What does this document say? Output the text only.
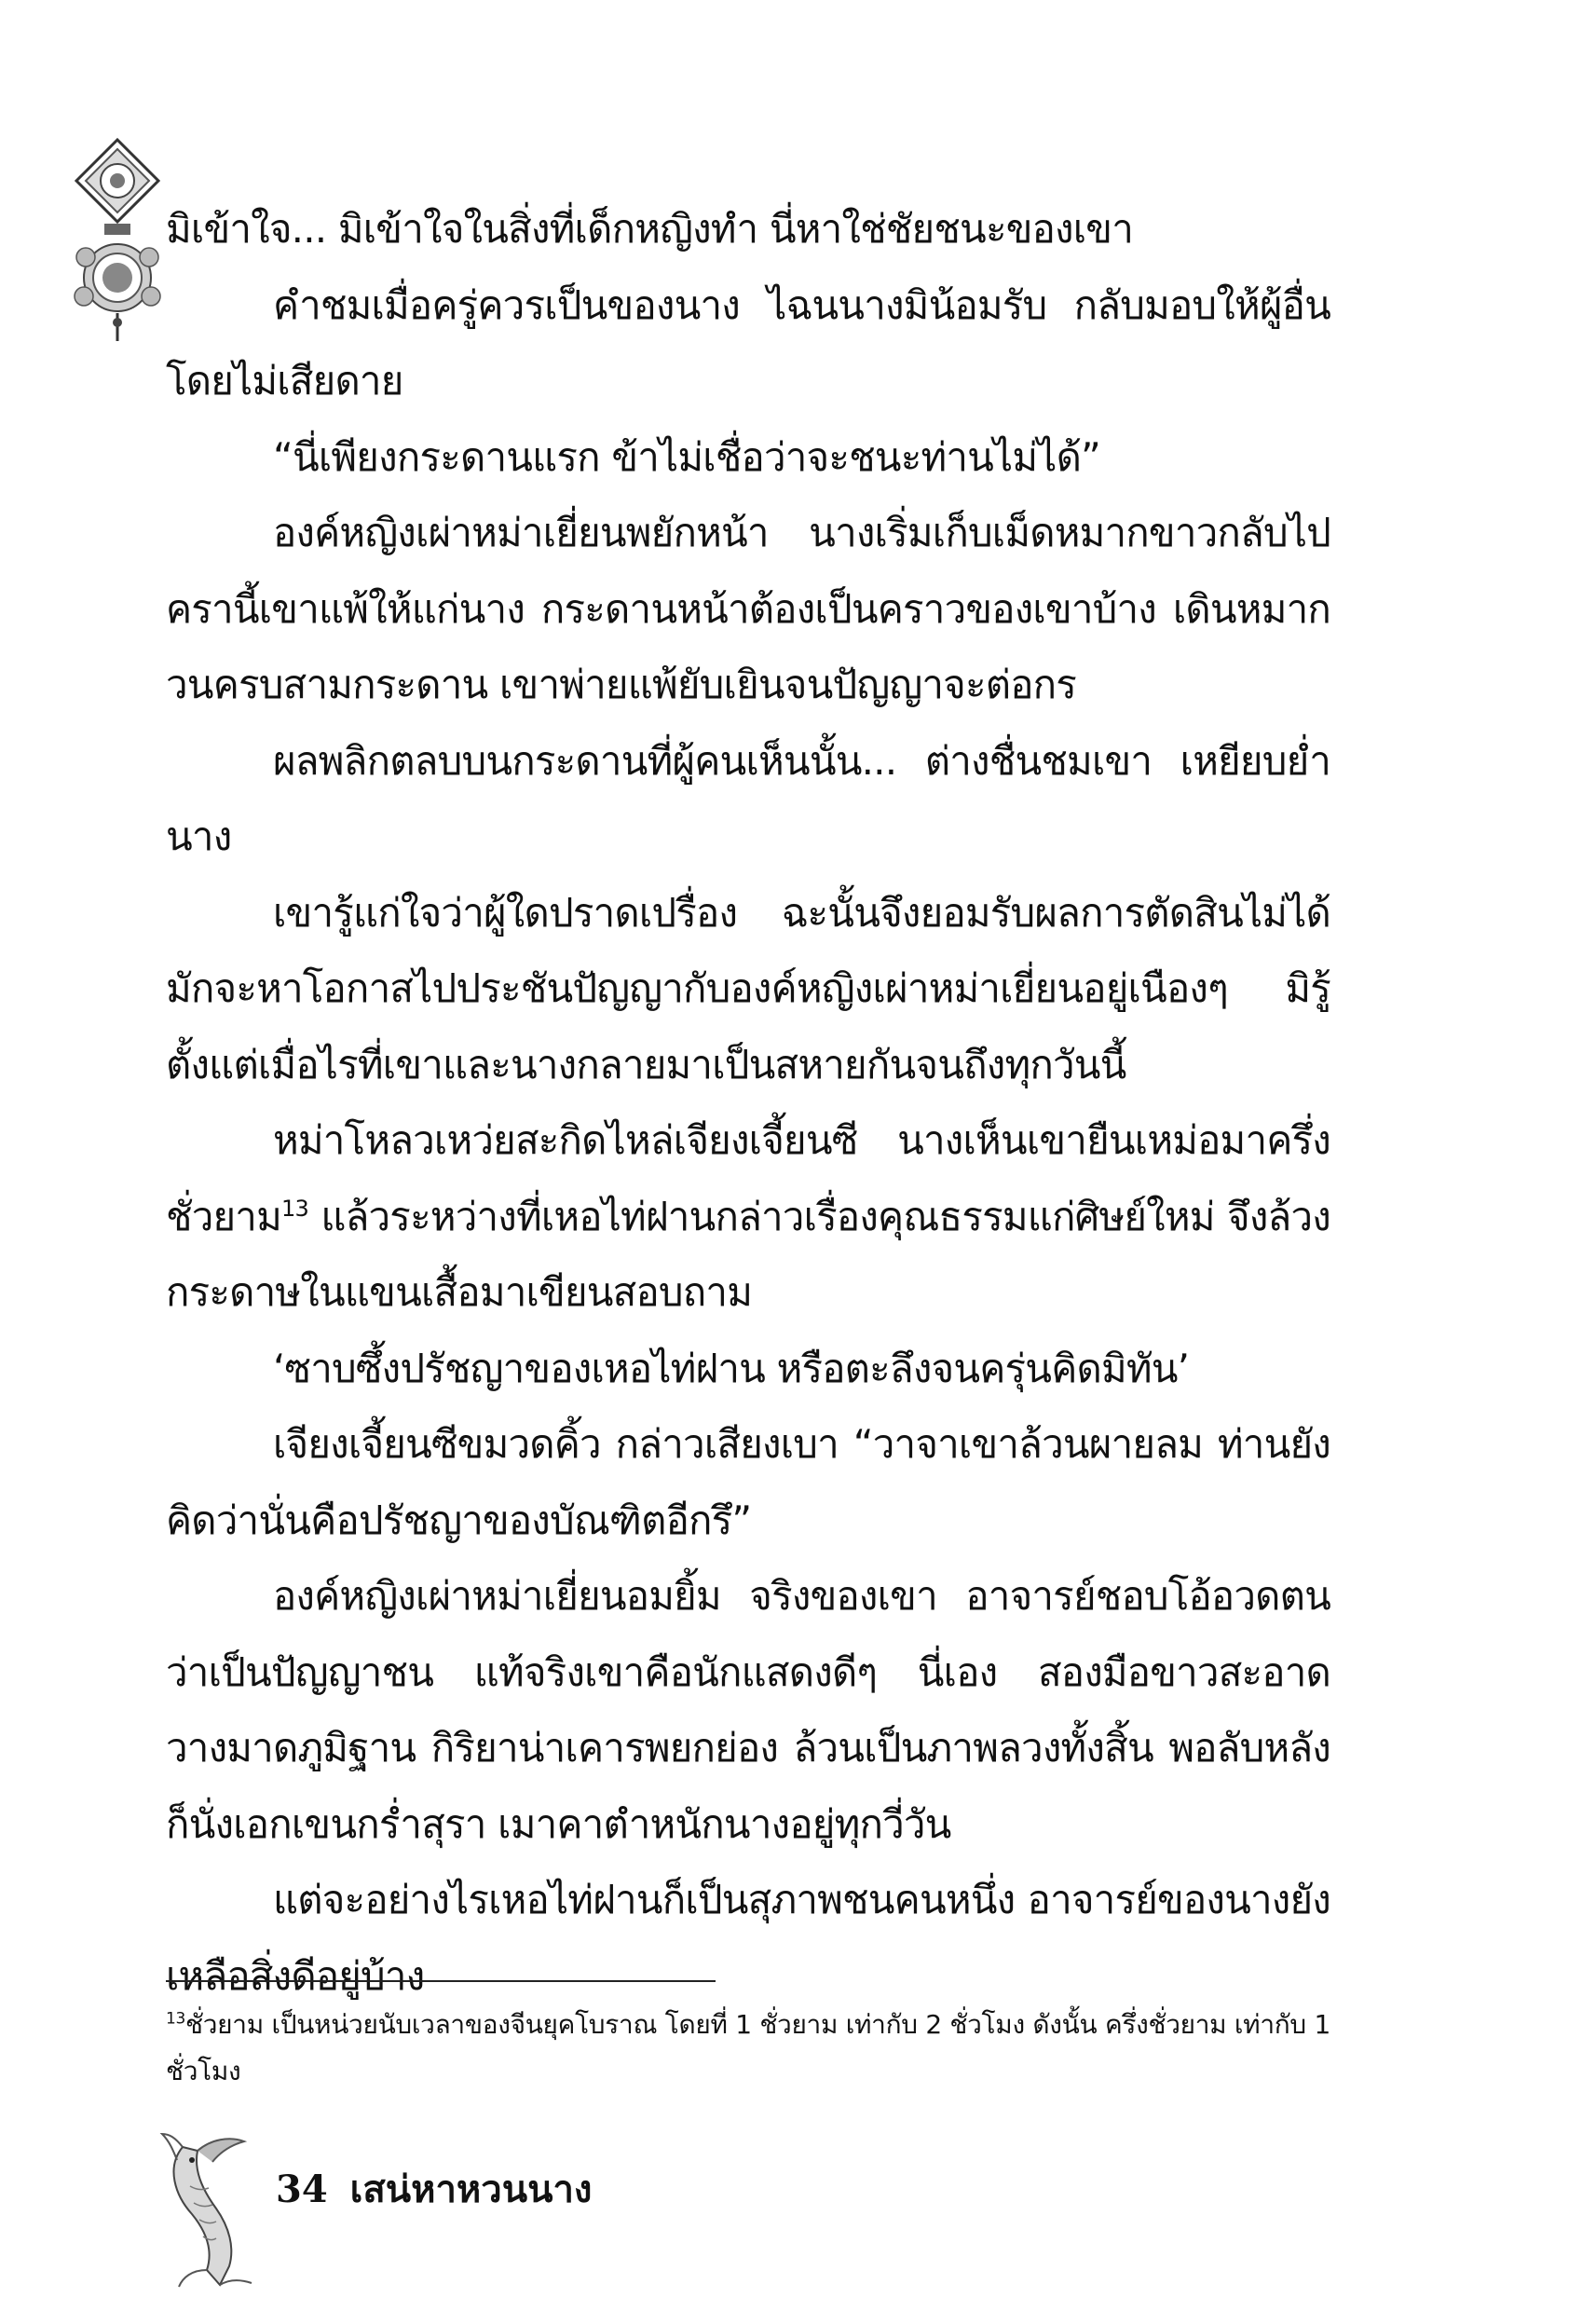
มิเข้าใจ... มิเข้าใจในสิ่งที่เด็กหญิงทำ นี่หาใช่ชัยชนะของเขา

คำชมเมื่อครู่ควรเป็นของนาง ไฉนนางมิน้อมรับ กลับมอบให้ผู้อื่นโดยไม่เสียดาย

“นี่เพียงกระดานแรก ข้าไม่เชื่อว่าจะชนะท่านไม่ได้”

องค์หญิงเผ่าหม่าเยี่ยนพยักหน้า นางเริ่มเก็บเม็ดหมากขาวกลับไป ครานี้เขาแพ้ให้แก่นาง กระดานหน้าต้องเป็นคราวของเขาบ้าง เดินหมากวนครบสามกระดาน เขาพ่ายแพ้ยับเยินจนปัญญาจะต่อกร

ผลพลิกตลบบนกระดานที่ผู้คนเห็นนั้น... ต่างชื่นชมเขา เหยียบย่ำนาง

เขารู้แก่ใจว่าผู้ใดปราดเปรื่อง ฉะนั้นจึงยอมรับผลการตัดสินไม่ได้ มักจะหาโอกาสไปประชันปัญญากับองค์หญิงเผ่าหม่าเยี่ยนอยู่เนืองๆ มิรู้ตั้งแต่เมื่อไรที่เขาและนางกลายมาเป็นสหายกันจนถึงทุกวันนี้

หม่าโหลวเหว่ยสะกิดไหล่เจียงเจี้ยนซี นางเห็นเขายืนเหม่อมาครึ่งชั่วยาม$^{13}$ แล้วระหว่างที่เหอไท่ฝานกล่าวเรื่องคุณธรรมแก่ศิษย์ใหม่ จึงล้วงกระดาษในแขนเสื้อมาเขียนสอบถาม

‘ซาบซึ้งปรัชญาของเหอไท่ฝาน หรือตะลึงจนครุ่นคิดมิทัน’

เจียงเจี้ยนซีขมวดคิ้ว กล่าวเสียงเบา “วาจาเขาล้วนผายลม ท่านยังคิดว่านั่นคือปรัชญาของบัณฑิตอีกรึ”

องค์หญิงเผ่าหม่าเยี่ยนอมยิ้ม จริงของเขา อาจารย์ชอบโอ้อวดตนว่าเป็นปัญญาชน แท้จริงเขาคือนักแสดงดีๆ นี่เอง สองมือขาวสะอาด วางมาดภูมิฐาน กิริยาน่าเคารพยกย่อง ล้วนเป็นภาพลวงทั้งสิ้น พอลับหลังก็นั่งเอกเขนกร่ำสุรา เมาคาตำหนักนางอยู่ทุกวี่วัน

แต่จะอย่างไรเหอไท่ฝานก็เป็นสุภาพชนคนหนึ่ง อาจารย์ของนางยังเหลือสิ่งดีอยู่บ้าง

$^{13}$ชั่วยาม เป็นหน่วยนับเวลาของจีนยุคโบราณ โดยที่ 1 ชั่วยาม เท่ากับ 2 ชั่วโมง ดังนั้น ครึ่งชั่วยาม เท่ากับ 1 ชั่วโมง
34 เสน่หาหวนนาง
